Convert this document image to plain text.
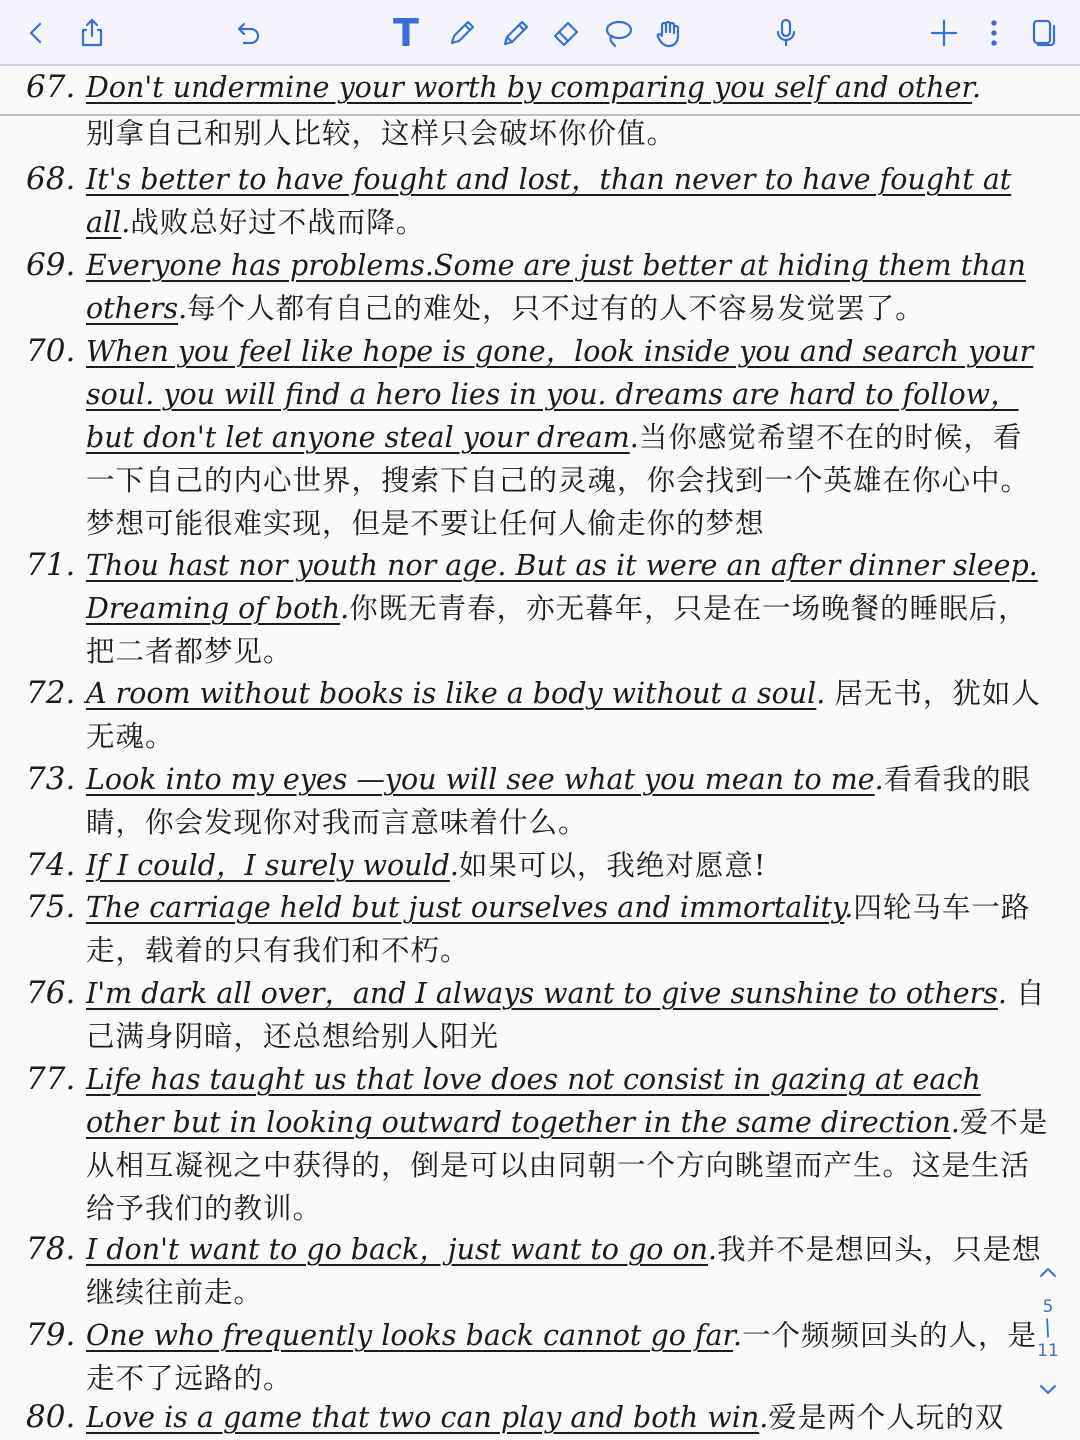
T
67. Don't undermine your worth by comparing you self and other.
别拿自己和别人比较，这样只会破坏你价值。
68. It's better to have fought and lost，than never to have fought at all.战败总好过不战而降。
69. Everyone has problems.Some are just better at hiding them than others.每个人都有自己的难处，只不过有的人不容易发觉罢了。
70. When you feel like hope is gone，look inside you and search your soul. you will find a hero lies in you. dreams are hard to follow，but don't let anyone steal your dream.当你感觉希望不在的时候，看一下自己的内心世界，搜索下自己的灵魂，你会找到一个英雄在你心中。梦想可能很难实现，但是不要让任何人偷走你的梦想
71. Thou hast nor youth nor age. But as it were an after dinner sleep. Dreaming of both.你既无青春，亦无暮年，只是在一场晚餐的睡眠后，把二者都梦见。
72. A room without books is like a body without a soul. 居无书，犹如人无魂。
73. Look into my eyes —you will see what you mean to me.看看我的眼睛，你会发现你对我而言意味着什么。
74. If I could，I surely would.如果可以，我绝对愿意!
75. The carriage held but just ourselves and immortality.四轮马车一路走，载着的只有我们和不朽。
76. I'm dark all over，and I always want to give sunshine to others. 自己满身阴暗，还总想给别人阳光
77. Life has taught us that love does not consist in gazing at each other but in looking outward together in the same direction.爱不是从相互凝视之中获得的，倒是可以由同朝一个方向眺望而产生。这是生活给予我们的教训。
78. I don't want to go back，just want to go on.我并不是想回头，只是想继续往前走。
79. One who frequently looks back cannot go far.一个频频回头的人，是走不了远路的。
80. Love is a game that two can play and both win.爱是两个人玩的双
5
/
11
